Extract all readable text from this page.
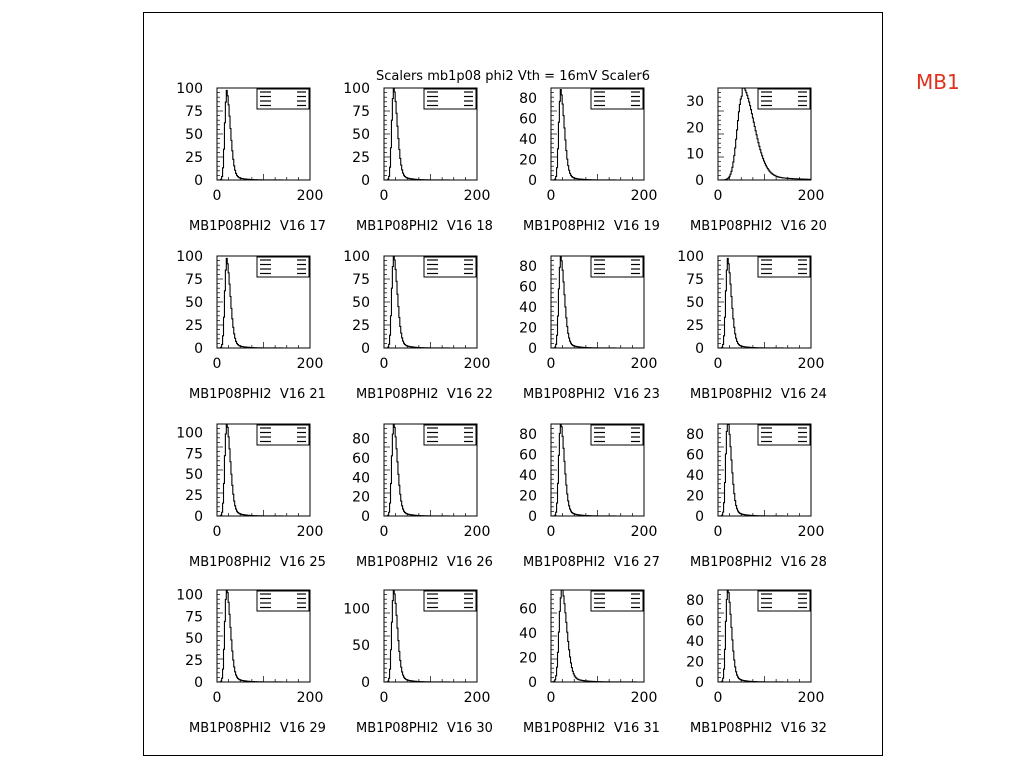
MB1
Scalers mb1p08 phi2 Vth = 16mV Scaler6
0
25
50
75
100
0	200
MB1P08PHI2  V16 17
0
25
50
75
100
0	200
MB1P08PHI2  V16 18
0
20
40
60
80
0	200
MB1P08PHI2  V16 19
0
10
20
30
0	200
MB1P08PHI2  V16 20
0
25
50
75
100
0	200
MB1P08PHI2  V16 21
0
25
50
75
100
0	200
MB1P08PHI2  V16 22
0
20
40
60
80
0	200
MB1P08PHI2  V16 23
0
25
50
75
100
0	200
MB1P08PHI2  V16 24
0
25
50
75
100
0	200
MB1P08PHI2  V16 25
0
20
40
60
80
0	200
MB1P08PHI2  V16 26
0
20
40
60
80
0	200
MB1P08PHI2  V16 27
0
20
40
60
80
0	200
MB1P08PHI2  V16 28
0
25
50
75
100
0	200
MB1P08PHI2  V16 29
0
50
100
0	200
MB1P08PHI2  V16 30
0
20
40
60
0	200
MB1P08PHI2  V16 31
0
20
40
60
80
0	200
MB1P08PHI2  V16 32
